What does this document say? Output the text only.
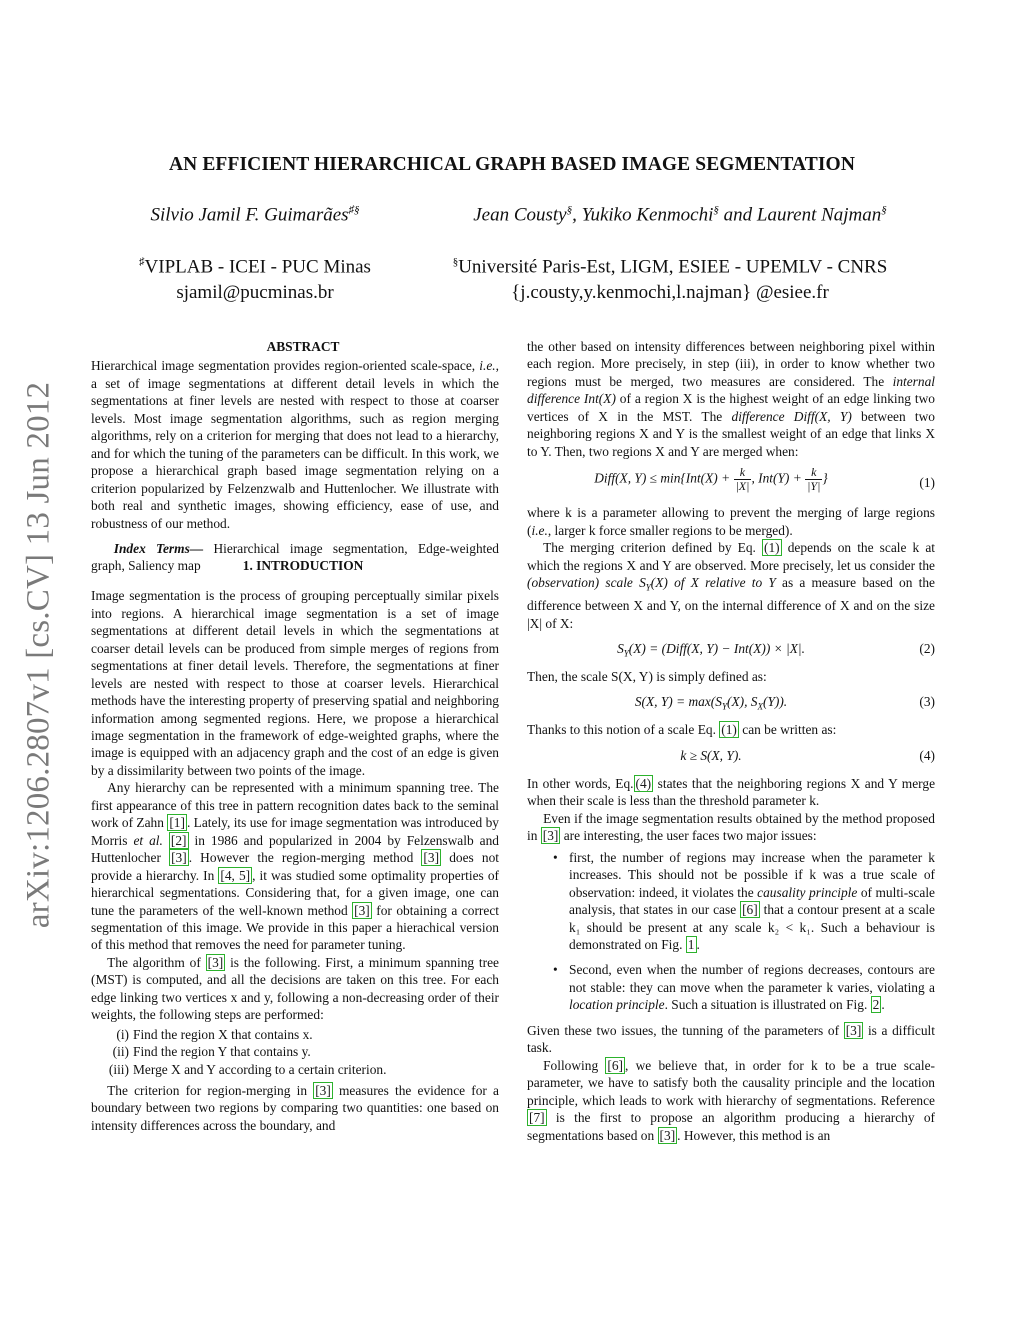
arXiv:1206.2807v1 [cs.CV] 13 Jun 2012
AN EFFICIENT HIERARCHICAL GRAPH BASED IMAGE SEGMENTATION
Silvio Jamil F. Guimarães♯§	Jean Cousty§, Yukiko Kenmochi§ and Laurent Najman§
♯VIPLAB - ICEI - PUC Minas
sjamil@pucminas.br
§Université Paris-Est, LIGM, ESIEE - UPEMLV - CNRS
{j.cousty,y.kenmochi,l.najman} @esiee.fr

ABSTRACT

Hierarchical image segmentation provides region-oriented scale-space, i.e., a set of image segmentations at different detail levels in which the segmentations at finer levels are nested with respect to those at coarser levels. Most image segmentation algorithms, such as region merging algorithms, rely on a criterion for merging that does not lead to a hierarchy, and for which the tuning of the parameters can be difficult. In this work, we propose a hierarchical graph based image segmentation relying on a criterion popularized by Felzenzwalb and Huttenlocher. We illustrate with both real and synthetic images, showing efficiency, ease of use, and robustness of our method.

Index Terms— Hierarchical image segmentation, Edge-weighted graph, Saliency map	1. INTRODUCTION

Image segmentation is the process of grouping perceptually similar pixels into regions. A hierarchical image segmentation is a set of image segmentations at different detail levels in which the segmentations at coarser detail levels can be produced from simple merges of regions from segmentations at finer detail levels. Therefore, the segmentations at finer levels are nested with respect to those at coarser levels. Hierarchical methods have the interesting property of preserving spatial and neighboring information among segmented regions. Here, we propose a hierarchical image segmentation in the framework of edge-weighted graphs, where the image is equipped with an adjacency graph and the cost of an edge is given by a dissimilarity between two points of the image.

Any hierarchy can be represented with a minimum spanning tree. The first appearance of this tree in pattern recognition dates back to the seminal work of Zahn [1] . Lately, its use for image segmentation was introduced by Morris et al. [2] in 1986 and popularized in 2004 by Felzenswalb and Huttenlocher [3] . However the region-merging method [3] does not provide a hierarchy. In [4, 5] , it was studied some optimality properties of hierarchical segmentations. Considering that, for a given image, one can tune the parameters of the well-known method [3] for obtaining a correct segmentation of this image. We provide in this paper a hierachical version of this method that removes the need for parameter tuning.

The algorithm of [3] is the following. First, a minimum spanning tree (MST) is computed, and all the decisions are taken on this tree. For each edge linking two vertices x and y, following a non-decreasing order of their weights, the following steps are performed:

(i) Find the region X that contains x.
(ii) Find the region Y that contains y.
(iii) Merge X and Y according to a certain criterion.

The criterion for region-merging in [3] measures the evidence for a boundary between two regions by comparing two quantities: one based on intensity differences across the boundary, and

the other based on intensity differences between neighboring pixel within each region. More precisely, in step (iii), in order to know whether two regions must be merged, two measures are considered. The internal difference Int(X) of a region X is the highest weight of an edge linking two vertices of X in the MST. The difference Diff(X, Y) between two neighboring regions X and Y is the smallest weight of an edge that links X to Y. Then, two regions X and Y are merged when:

Diff(X, $Y) \le \min\{Int(X) + \frac{k}{|X|}$ , $Int(Y) + \frac{k}{|Y|}$ }	(1)

where k is a parameter allowing to prevent the merging of large regions (i.e., larger k force smaller regions to be merged).

The merging criterion defined by Eq. (1) depends on the scale k at which the regions X and Y are observed. More precisely, let us consider the (observation) scale $S_Y(X)$ of X relative to Y as a measure based on the difference between X and Y, on the internal difference of X and on the size |X| of X:

$S_Y(X)$ = (Diff(X, Y) − Int(X)) × |X|.	(2)

Then, the scale S(X, Y) is simply defined as:

S(X, $Y) = \max(S_Y(X)$, $S_X(Y)$).	(3)

Thanks to this notion of a scale Eq. (1) can be written as:

k ≥ S(X, Y).	(4)

In other words, Eq. (4) states that the neighboring regions X and Y merge when their scale is less than the threshold parameter k.

Even if the image segmentation results obtained by the method proposed in [3] are interesting, the user faces two major issues:

• first, the number of regions may increase when the parameter k increases. This should not be possible if k was a true scale of observation: indeed, it violates the causality principle of multi-scale analysis, that states in our case [6] that a contour present at a scale k₁ should be present at any scale k₂ < k₁. Such a behaviour is demonstrated on Fig. 1 .
• Second, even when the number of regions decreases, contours are not stable: they can move when the parameter k varies, violating a location principle. Such a situation is illustrated on Fig. 2 .

Given these two issues, the tunning of the parameters of [3] is a difficult task.

Following [6] , we believe that, in order for k to be a true scale-parameter, we have to satisfy both the causality principle and the location principle, which leads to work with hierarchy of segmentations. Reference [7] is the first to propose an algorithm producing a hierarchy of segmentations based on [3] . However, this method is an
